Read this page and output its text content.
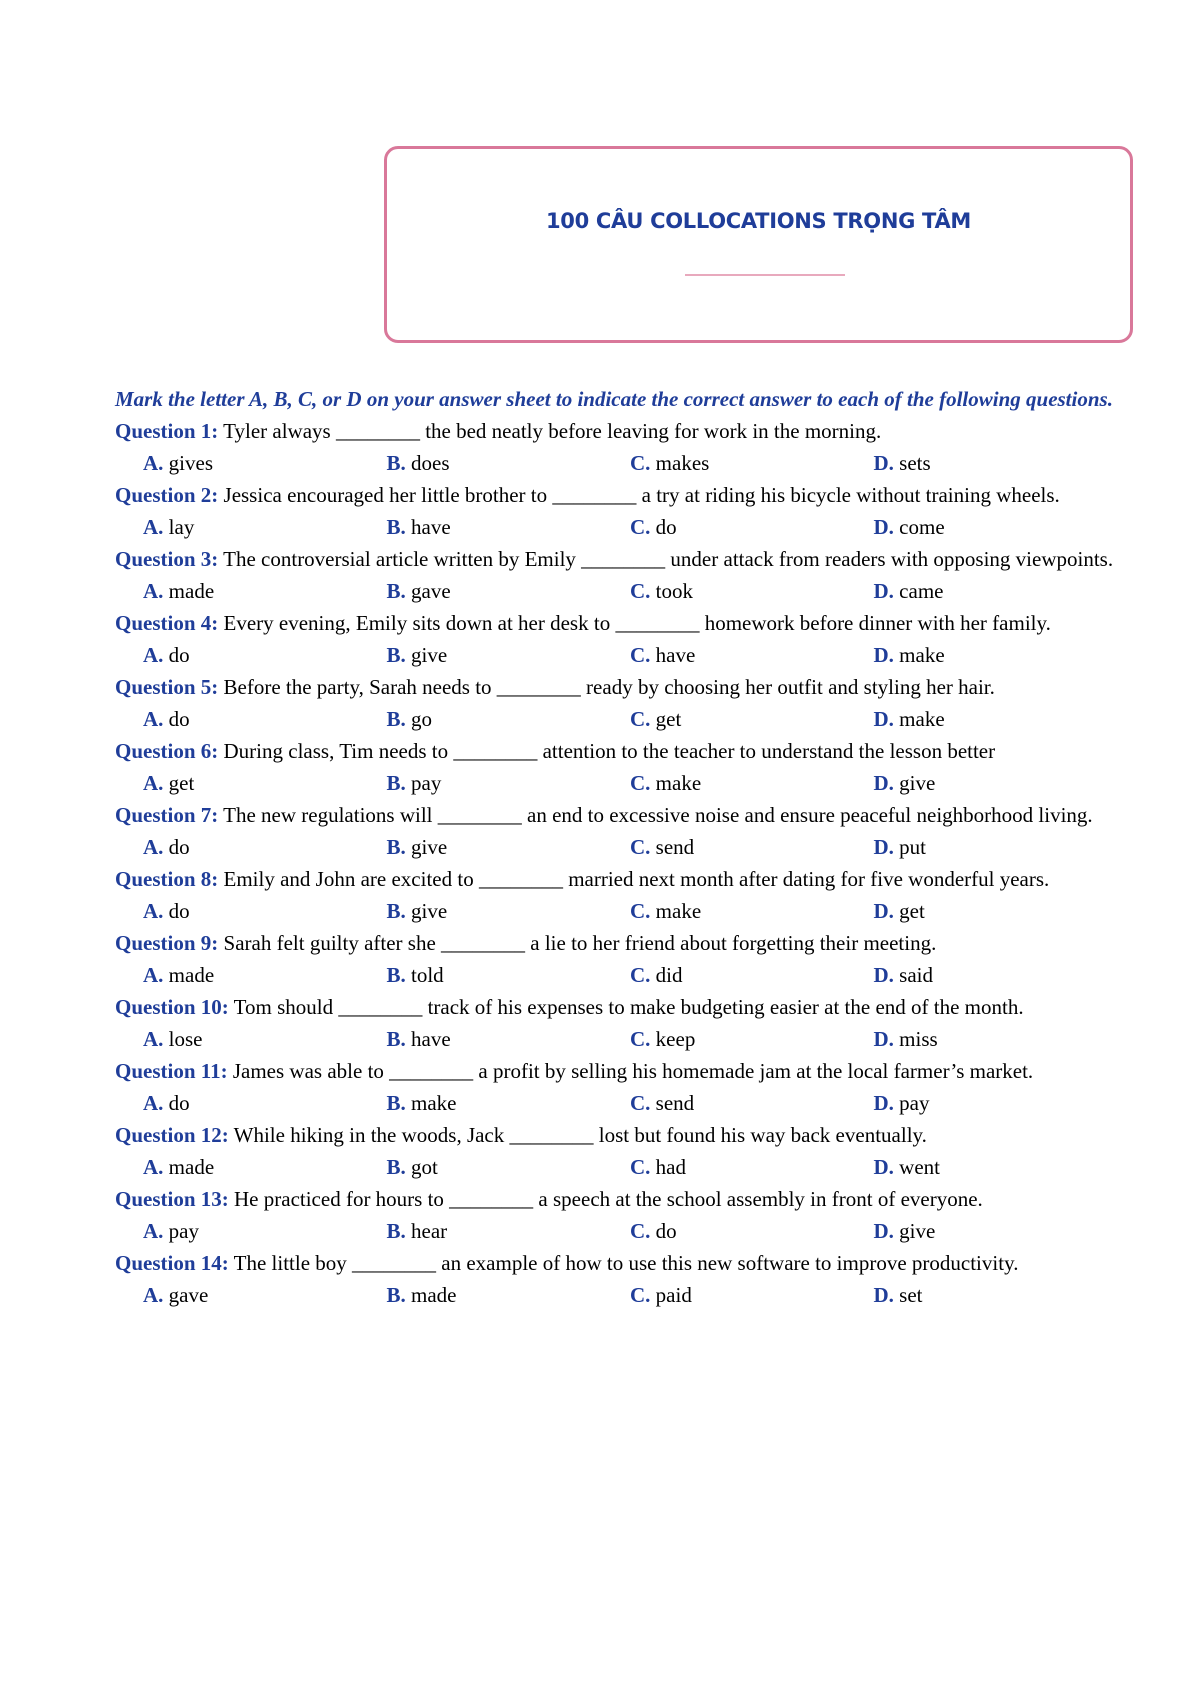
100 CÂU COLLOCATIONS TRỌNG TÂM
Mark the letter A, B, C, or D on your answer sheet to indicate the correct answer to each of the following questions.
Question 1: Tyler always ________ the bed neatly before leaving for work in the morning.
A. gives	B. does	C. makes	D. sets
Question 2: Jessica encouraged her little brother to ________ a try at riding his bicycle without training wheels.
A. lay	B. have	C. do	D. come
Question 3: The controversial article written by Emily ________ under attack from readers with opposing viewpoints.
A. made	B. gave	C. took	D. came
Question 4: Every evening, Emily sits down at her desk to ________ homework before dinner with her family.
A. do	B. give	C. have	D. make
Question 5: Before the party, Sarah needs to ________ ready by choosing her outfit and styling her hair.
A. do	B. go	C. get	D. make
Question 6: During class, Tim needs to ________ attention to the teacher to understand the lesson better
A. get	B. pay	C. make	D. give
Question 7: The new regulations will ________ an end to excessive noise and ensure peaceful neighborhood living.
A. do	B. give	C. send	D. put
Question 8: Emily and John are excited to ________ married next month after dating for five wonderful years.
A. do	B. give	C. make	D. get
Question 9: Sarah felt guilty after she ________ a lie to her friend about forgetting their meeting.
A. made	B. told	C. did	D. said
Question 10: Tom should ________ track of his expenses to make budgeting easier at the end of the month.
A. lose	B. have	C. keep	D. miss
Question 11: James was able to ________ a profit by selling his homemade jam at the local farmer’s market.
A. do	B. make	C. send	D. pay
Question 12: While hiking in the woods, Jack ________ lost but found his way back eventually.
A. made	B. got	C. had	D. went
Question 13: He practiced for hours to ________ a speech at the school assembly in front of everyone.
A. pay	B. hear	C. do	D. give
Question 14: The little boy ________ an example of how to use this new software to improve productivity.
A. gave	B. made	C. paid	D. set
